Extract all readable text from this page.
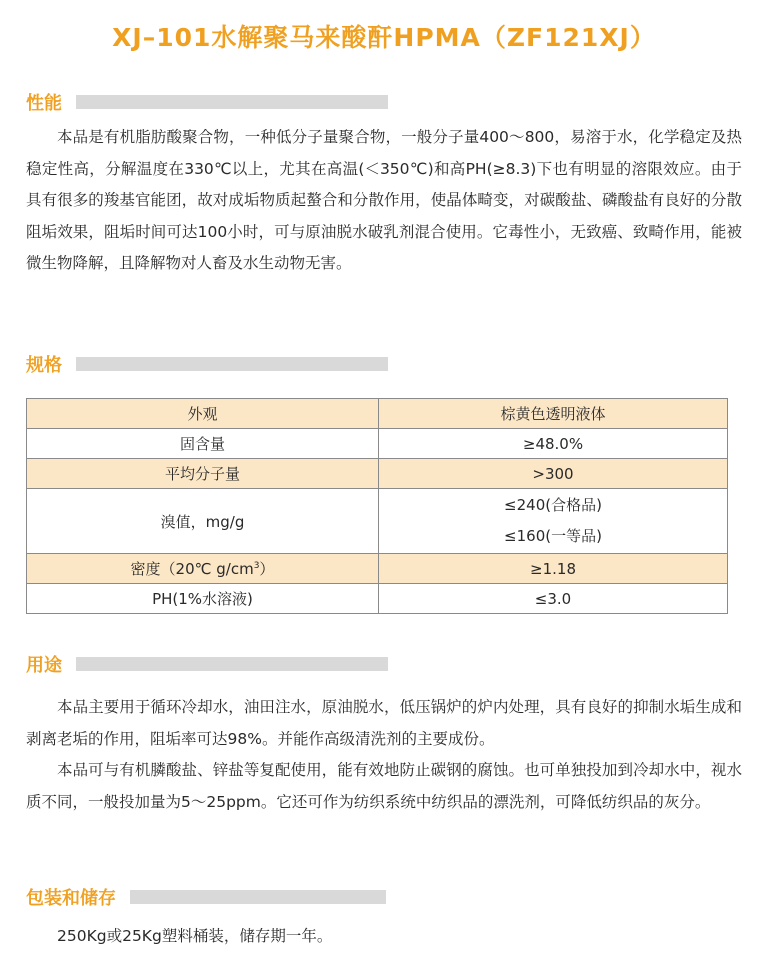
XJ–101水解聚马来酸酐HPMA（ZF121XJ）
性能

本品是有机脂肪酸聚合物，一种低分子量聚合物，一般分子量400～800，易溶于水，化学稳定及热稳定性高，分解温度在330℃以上，尤其在高温(＜350℃)和高PH(≥8.3)下也有明显的溶限效应。由于具有很多的羧基官能团，故对成垢物质起螯合和分散作用，使晶体畸变，对碳酸盐、磷酸盐有良好的分散阻垢效果，阻垢时间可达100小时，可与原油脱水破乳剂混合使用。它毒性小，无致癌、致畸作用，能被微生物降解，且降解物对人畜及水生动物无害。

规格
外观	棕黄色透明液体
固含量	≥48.0%
平均分子量	>300
溴值，mg/g	≤240(合格品)
≤160(一等品)

密度（20℃ $g/cm^3$）	≥1.18
PH(1%水溶液)	≤3.0
用途

本品主要用于循环冷却水，油田注水，原油脱水，低压锅炉的炉内处理，具有良好的抑制水垢生成和剥离老垢的作用，阻垢率可达98%。并能作高级清洗剂的主要成份。

本品可与有机膦酸盐、锌盐等复配使用，能有效地防止碳钢的腐蚀。也可单独投加到冷却水中，视水质不同，一般投加量为5～25ppm。它还可作为纺织系统中纺织品的漂洗剂，可降低纺织品的灰分。

包装和储存

250Kg或25Kg塑料桶装，储存期一年。
